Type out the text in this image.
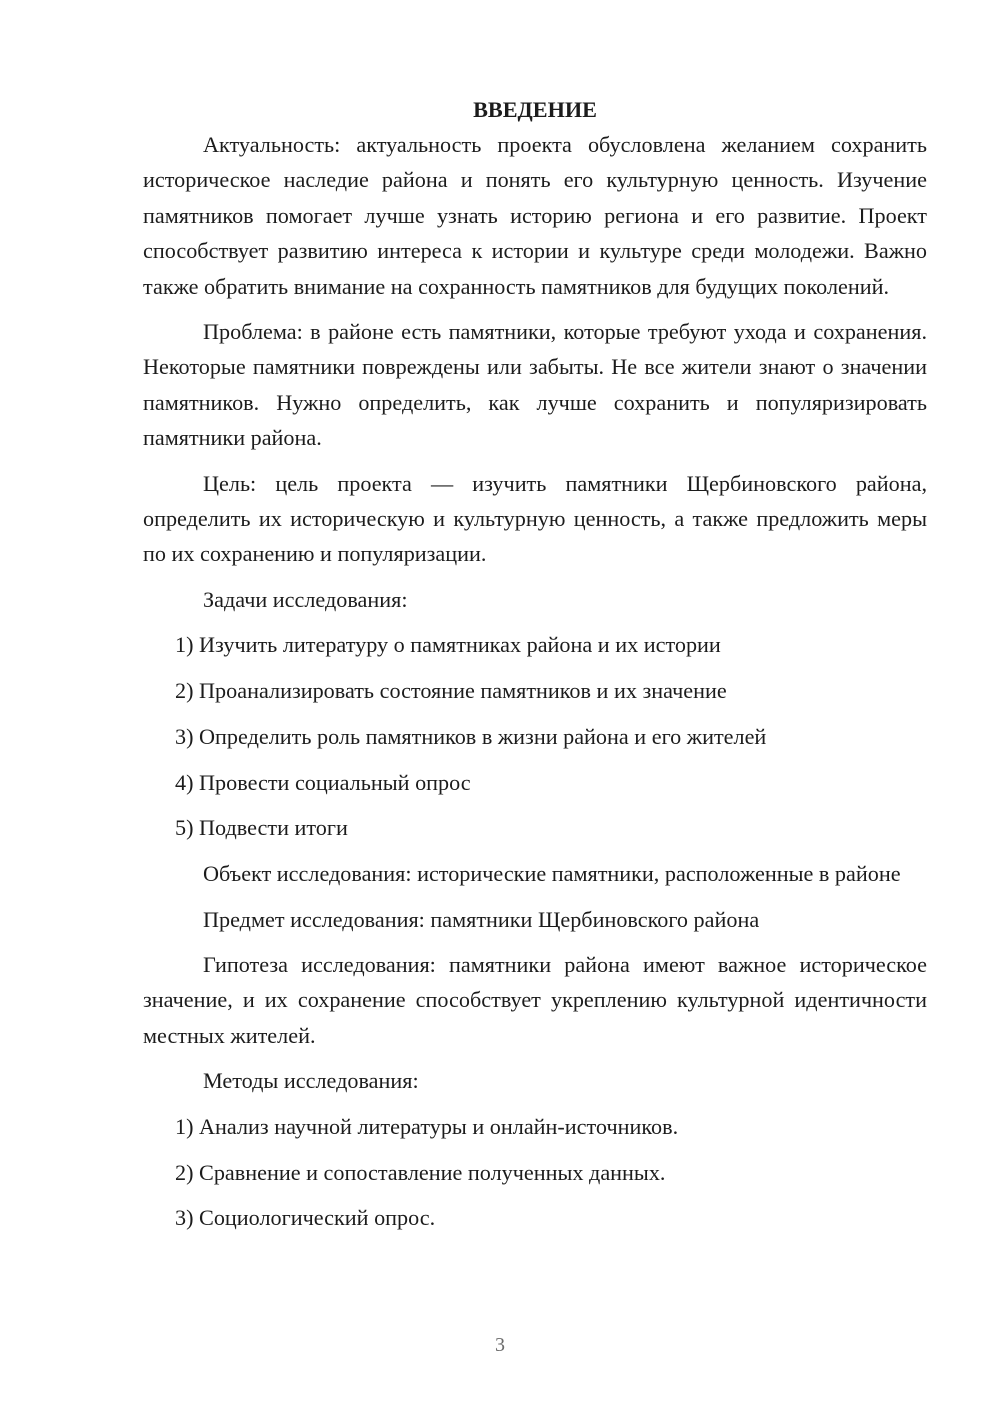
ВВЕДЕНИЕ

Актуальность: актуальность проекта обусловлена желанием сохранить историческое наследие района и понять его культурную ценность. Изучение памятников помогает лучше узнать историю региона и его развитие. Проект способствует развитию интереса к истории и культуре среди молодежи. Важно также обратить внимание на сохранность памятников для будущих поколений.

Проблема: в районе есть памятники, которые требуют ухода и сохранения. Некоторые памятники повреждены или забыты. Не все жители знают о значении памятников. Нужно определить, как лучше сохранить и популяризировать памятники района.

Цель: цель проекта — изучить памятники Щербиновского района, определить их историческую и культурную ценность, а также предложить меры по их сохранению и популяризации.

Задачи исследования:

1) Изучить литературу о памятниках района и их истории
2) Проанализировать состояние памятников и их значение
3) Определить роль памятников в жизни района и его жителей
4) Провести социальный опрос
5) Подвести итоги

Объект исследования: исторические памятники, расположенные в районе

Предмет исследования: памятники Щербиновского района

Гипотеза исследования: памятники района имеют важное историческое значение, и их сохранение способствует укреплению культурной идентичности местных жителей.

Методы исследования:

1) Анализ научной литературы и онлайн-источников.
2) Сравнение и сопоставление полученных данных.
3) Социологический опрос.
3
